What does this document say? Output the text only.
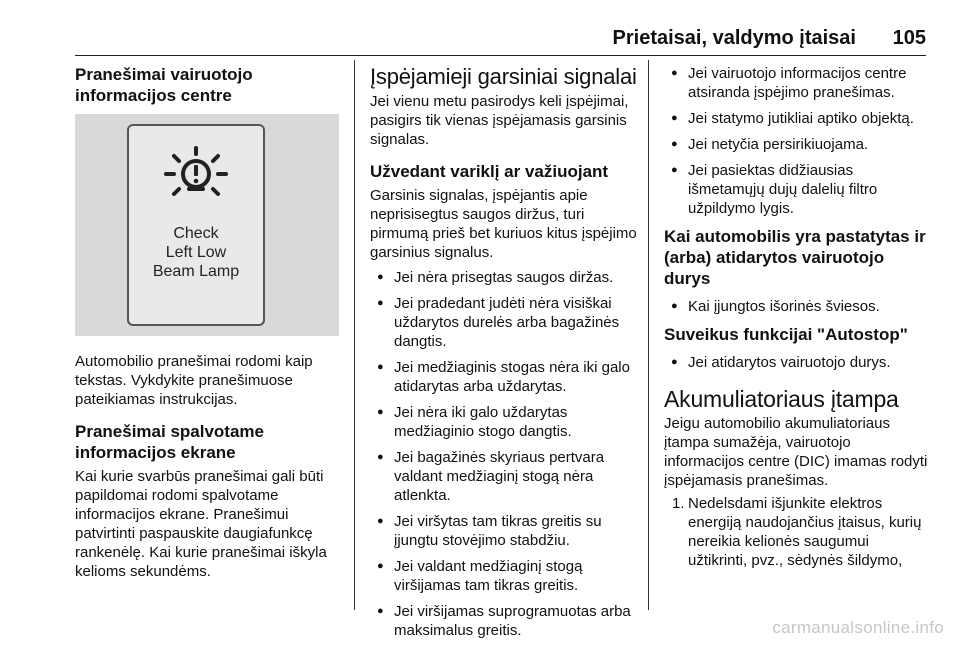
Prietaisai, valdymo įtaisai 105
Pranešimai vairuotojo informacijos centre
Check
Left Low
Beam Lamp

Automobilio pranešimai rodomi kaip tekstas. Vykdykite pranešimuose pateikiamas instrukcijas.

Pranešimai spalvotame informacijos ekrane

Kai kurie svarbūs pranešimai gali būti papildomai rodomi spalvotame informacijos ekrane. Pranešimui patvirtinti paspauskite daugiafunkcę rankenėlę. Kai kurie pranešimai iškyla kelioms sekundėms.

Įspėjamieji garsiniai signalai

Jei vienu metu pasirodys keli įspėjimai, pasigirs tik vienas įspėjamasis garsinis signalas.

Užvedant variklį ar važiuojant

Garsinis signalas, įspėjantis apie neprisisegtus saugos diržus, turi pirmumą prieš bet kuriuos kitus įspėjimo garsinius signalus.

● Jei nėra prisegtas saugos diržas.
● Jei pradedant judėti nėra visiškai uždarytos durelės arba bagažinės dangtis.
● Jei medžiaginis stogas nėra iki galo atidarytas arba uždarytas.
● Jei nėra iki galo uždarytas medžiaginio stogo dangtis.
● Jei bagažinės skyriaus pertvara valdant medžiaginį stogą nėra atlenkta.
● Jei viršytas tam tikras greitis su įjungtu stovėjimo stabdžiu.
● Jei valdant medžiaginį stogą viršijamas tam tikras greitis.
● Jei viršijamas suprogramuotas arba maksimalus greitis.
● Jei vairuotojo informacijos centre atsiranda įspėjimo pranešimas.
● Jei statymo jutikliai aptiko objektą.
● Jei netyčia persirikiuojama.
● Jei pasiektas didžiausias išmetamųjų dujų dalelių filtro užpildymo lygis.
Kai automobilis yra pastatytas ir (arba) atidarytos vairuotojo durys
● Kai įjungtos išorinės šviesos.
Suveikus funkcijai "Autostop"
● Jei atidarytos vairuotojo durys.
Akumuliatoriaus įtampa

Jeigu automobilio akumuliatoriaus įtampa sumažėja, vairuotojo informacijos centre (DIC) imamas rodyti įspėjamasis pranešimas.

1. Nedelsdami išjunkite elektros energiją naudojančius įtaisus, kurių nereikia kelionės saugumui užtikrinti, pvz., sėdynės šildymo,
carmanualsonline.info
